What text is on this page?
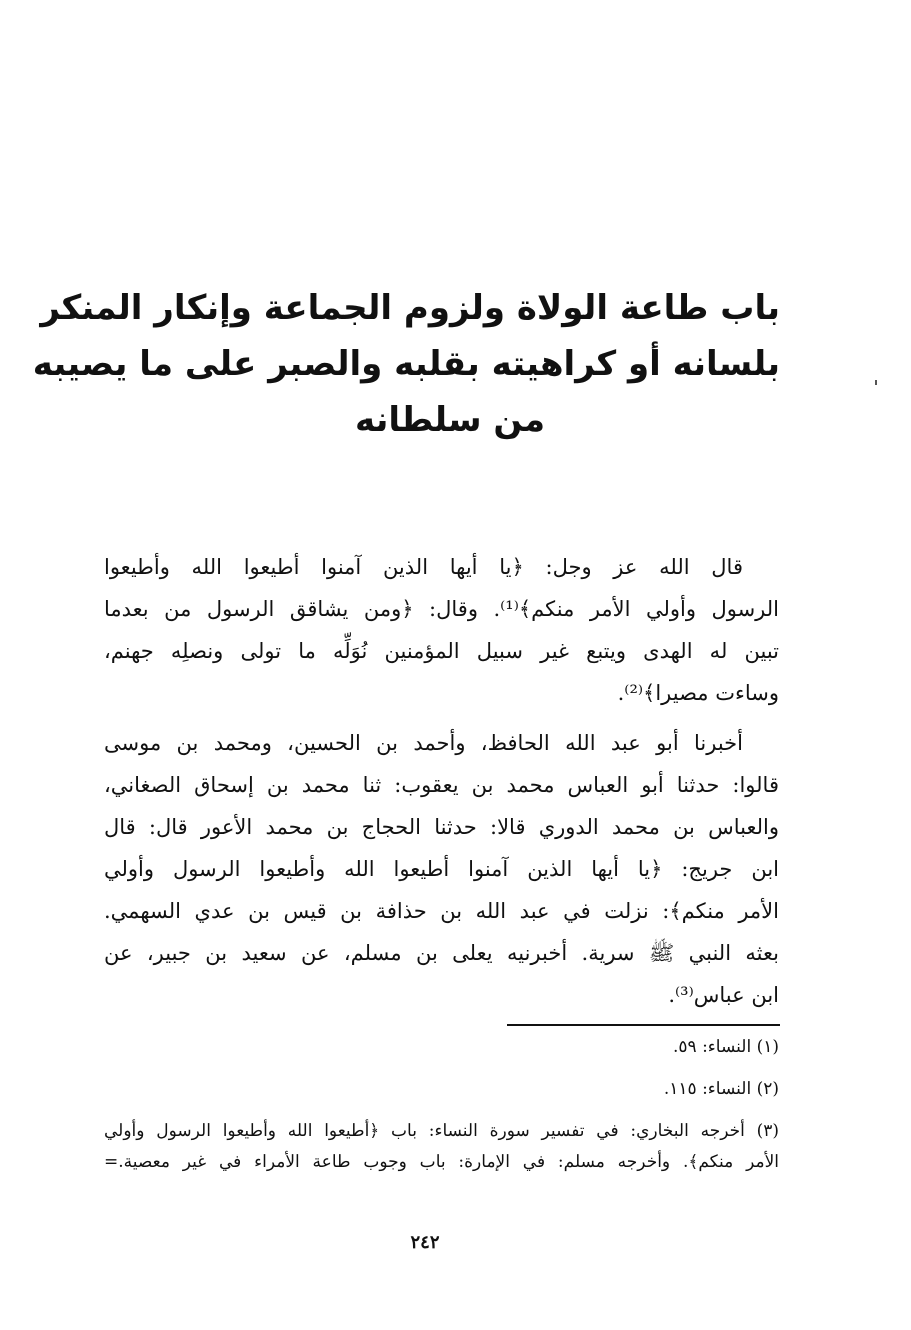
باب طاعة الولاة ولزوم الجماعة وإنكار المنكر
بلسانه أو كراهيته بقلبه والصبر على ما يصيبه
من سلطانه
قال الله عز وجل: ﴿يا أيها الذين آمنوا أطيعوا الله وأطيعوا
الرسول وأولي الأمر منكم﴾⁽¹⁾. وقال: ﴿ومن يشاقق الرسول من بعدما
تبين له الهدى ويتبع غير سبيل المؤمنين نُوَلِّه ما تولى ونصلِه جهنم،
وساءت مصيرا﴾⁽²⁾.
أخبرنا أبو عبد الله الحافظ، وأحمد بن الحسين، ومحمد بن موسى
قالوا: حدثنا أبو العباس محمد بن يعقوب: ثنا محمد بن إسحاق الصغاني،
والعباس بن محمد الدوري قالا: حدثنا الحجاج بن محمد الأعور قال: قال
ابن جريج: ﴿يا أيها الذين آمنوا أطيعوا الله وأطيعوا الرسول وأولي
الأمر منكم﴾: نزلت في عبد الله بن حذافة بن قيس بن عدي السهمي.
بعثه النبي ﷺ سرية. أخبرنيه يعلى بن مسلم، عن سعيد بن جبير، عن
ابن عباس⁽³⁾.
(١) النساء: ٥٩.
(٢) النساء: ١١٥.
(٣) أخرجه البخاري: في تفسير سورة النساء: باب ﴿أطيعوا الله وأطيعوا الرسول وأولي
الأمر منكم﴾. وأخرجه مسلم: في الإمارة: باب وجوب طاعة الأمراء في غير معصية.=
٢٤٢
